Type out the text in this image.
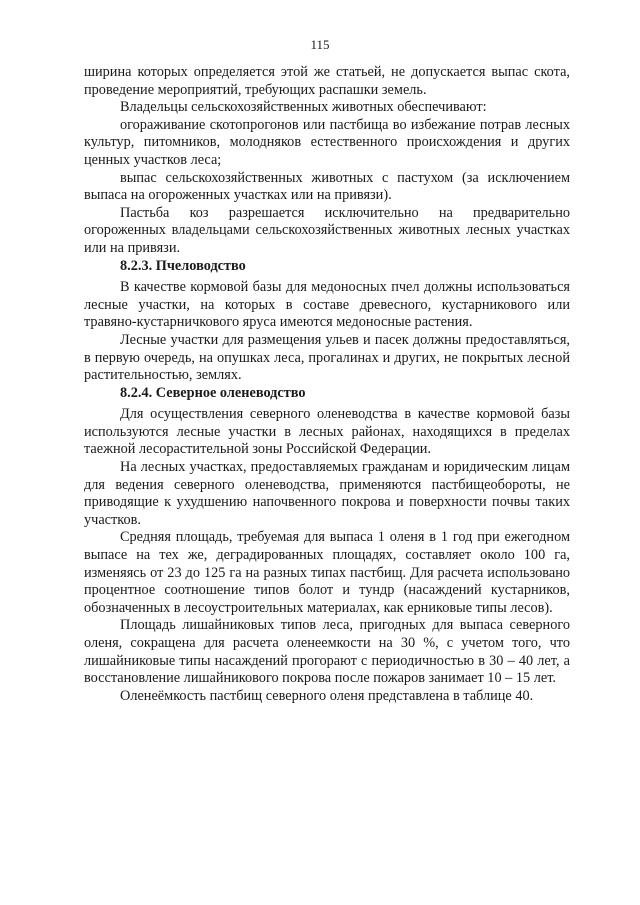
115

ширина которых определяется этой же статьей, не допускается выпас скота, проведение мероприятий, требующих распашки земель.

Владельцы сельскохозяйственных животных обеспечивают:

огораживание скотопрогонов или пастбища во избежание потрав лесных культур, питомников, молодняков естественного происхождения и других ценных участков леса;

выпас сельскохозяйственных животных с пастухом (за исключением выпаса на огороженных участках или на привязи).

Пастьба коз разрешается исключительно на предварительно огороженных владельцами сельскохозяйственных животных лесных участках или на привязи.

8.2.3. Пчеловодство

В качестве кормовой базы для медоносных пчел должны использоваться лесные участки, на которых в составе древесного, кустарникового или травяно-кустарничкового яруса имеются медоносные растения.

Лесные участки для размещения ульев и пасек должны предоставляться, в первую очередь, на опушках леса, прогалинах и других, не покрытых лесной растительностью, землях.

8.2.4. Северное оленеводство

Для осуществления северного оленеводства в качестве кормовой базы используются лесные участки в лесных районах, находящихся в пределах таежной лесорастительной зоны Российской Федерации.

На лесных участках, предоставляемых гражданам и юридическим лицам для ведения северного оленеводства, применяются пастбищеобороты, не приводящие к ухудшению напочвенного покрова и поверхности почвы таких участков.

Средняя площадь, требуемая для выпаса 1 оленя в 1 год при ежегодном выпасе на тех же, деградированных площадях, составляет около 100 га, изменяясь от 23 до 125 га на разных типах пастбищ. Для расчета использовано процентное соотношение типов болот и тундр (насаждений кустарников, обозначенных в лесоустроительных материалах, как ерниковые типы лесов).

Площадь лишайниковых типов леса, пригодных для выпаса северного оленя, сокращена для расчета оленеемкости на 30 %, с учетом того, что лишайниковые типы насаждений прогорают с периодичностью в 30 – 40 лет, а восстановление лишайникового покрова после пожаров занимает 10 – 15 лет.

Оленеёмкость пастбищ северного оленя представлена в таблице 40.
